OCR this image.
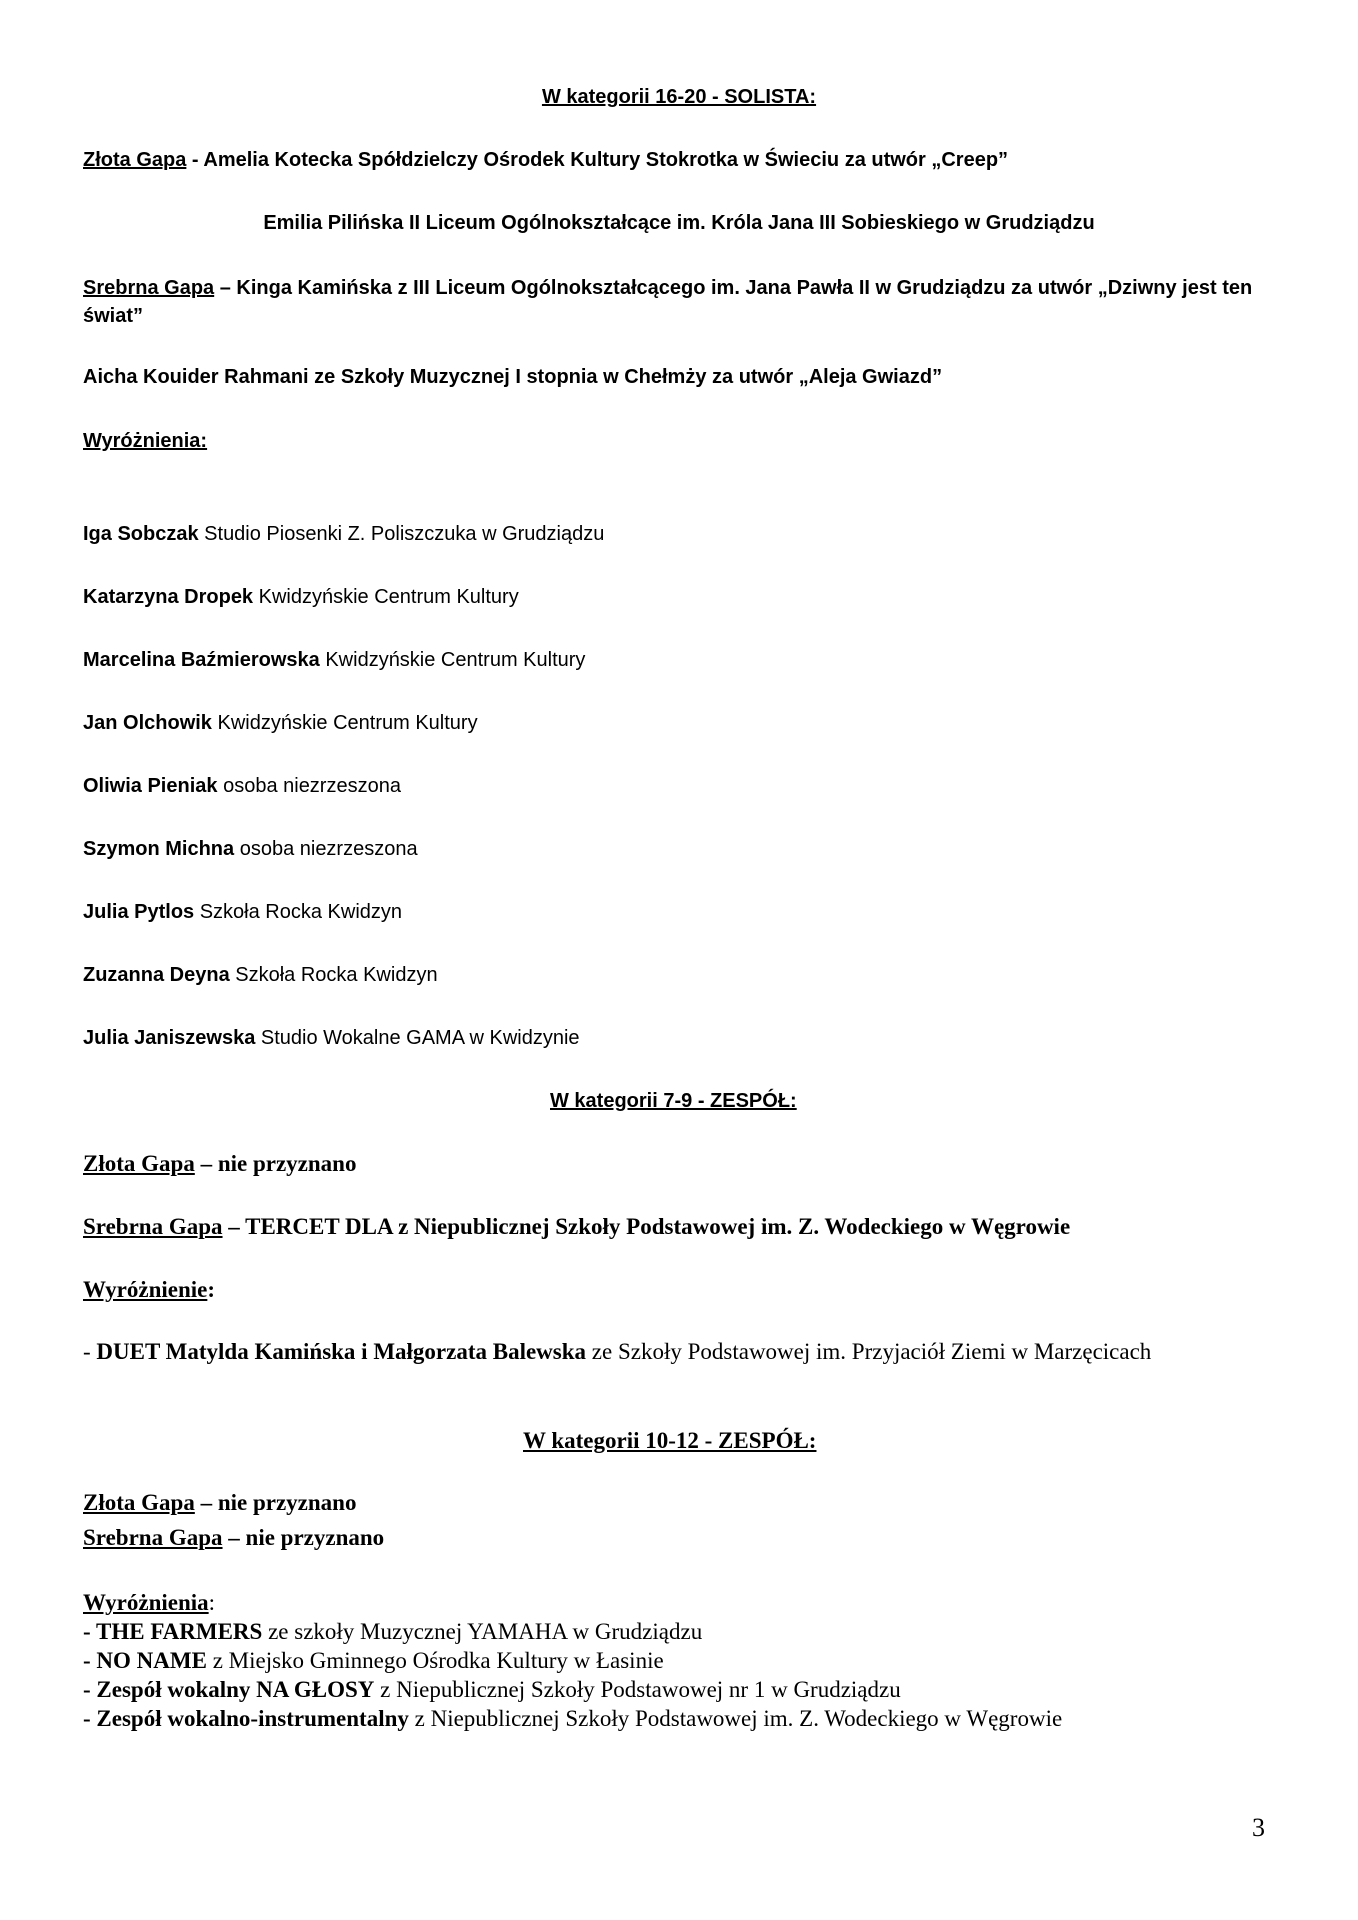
W kategorii 16-20 - SOLISTA:
Złota Gapa - Amelia Kotecka Spółdzielczy Ośrodek Kultury Stokrotka w Świeciu za utwór „Creep”
Emilia Pilińska II Liceum Ogólnokształcące im. Króla Jana III Sobieskiego w Grudziądzu
Srebrna Gapa – Kinga Kamińska z III Liceum Ogólnokształcącego im. Jana Pawła II w Grudziądzu za utwór „Dziwny jest ten świat”
Aicha Kouider Rahmani ze Szkoły Muzycznej I stopnia w Chełmży za utwór „Aleja Gwiazd”
Wyróżnienia:
Iga Sobczak Studio Piosenki Z. Poliszczuka w Grudziądzu
Katarzyna Dropek Kwidzyńskie Centrum Kultury
Marcelina Baźmierowska Kwidzyńskie Centrum Kultury
Jan Olchowik Kwidzyńskie Centrum Kultury
Oliwia Pieniak osoba niezrzeszona
Szymon Michna osoba niezrzeszona
Julia Pytlos Szkoła Rocka Kwidzyn
Zuzanna Deyna Szkoła Rocka Kwidzyn
Julia Janiszewska Studio Wokalne GAMA w Kwidzynie
W kategorii 7-9 - ZESPÓŁ:
Złota Gapa – nie przyznano
Srebrna Gapa – TERCET DLA z Niepublicznej Szkoły Podstawowej im. Z. Wodeckiego w Węgrowie
Wyróżnienie:
- DUET Matylda Kamińska i Małgorzata Balewska ze Szkoły Podstawowej im. Przyjaciół Ziemi w Marzęcicach
W kategorii 10-12 - ZESPÓŁ:
Złota Gapa – nie przyznano
Srebrna Gapa – nie przyznano
Wyróżnienia:
- THE FARMERS ze szkoły Muzycznej YAMAHA w Grudziądzu
- NO NAME z Miejsko Gminnego Ośrodka Kultury w Łasinie
- Zespół wokalny NA GŁOSY z Niepublicznej Szkoły Podstawowej nr 1 w Grudziądzu
- Zespół wokalno-instrumentalny z Niepublicznej Szkoły Podstawowej im. Z. Wodeckiego w Węgrowie
3
